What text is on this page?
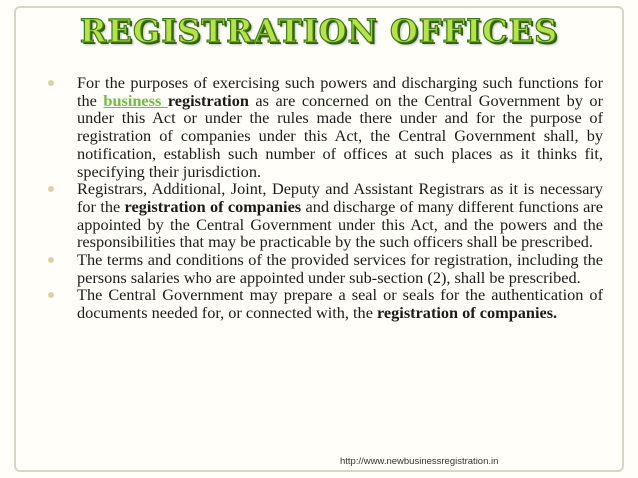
REGISTRATION OFFICES
For the purposes of exercising such powers and discharging such functions for the business registration as are concerned on the Central Government by or under this Act or under the rules made there under and for the purpose of registration of companies under this Act, the Central Government shall, by notification, establish such number of offices at such places as it thinks fit, specifying their jurisdiction.
Registrars, Additional, Joint, Deputy and Assistant Registrars as it is necessary for the registration of companies and discharge of many different functions are appointed by the Central Government under this Act, and the powers and the responsibilities that may be practicable by the such officers shall be prescribed.
The terms and conditions of the provided services for registration, including the persons salaries who are appointed under sub-section (2), shall be prescribed.
The Central Government may prepare a seal or seals for the authentication of documents needed for, or connected with, the registration of companies.
http://www.newbusinessregistration.in
